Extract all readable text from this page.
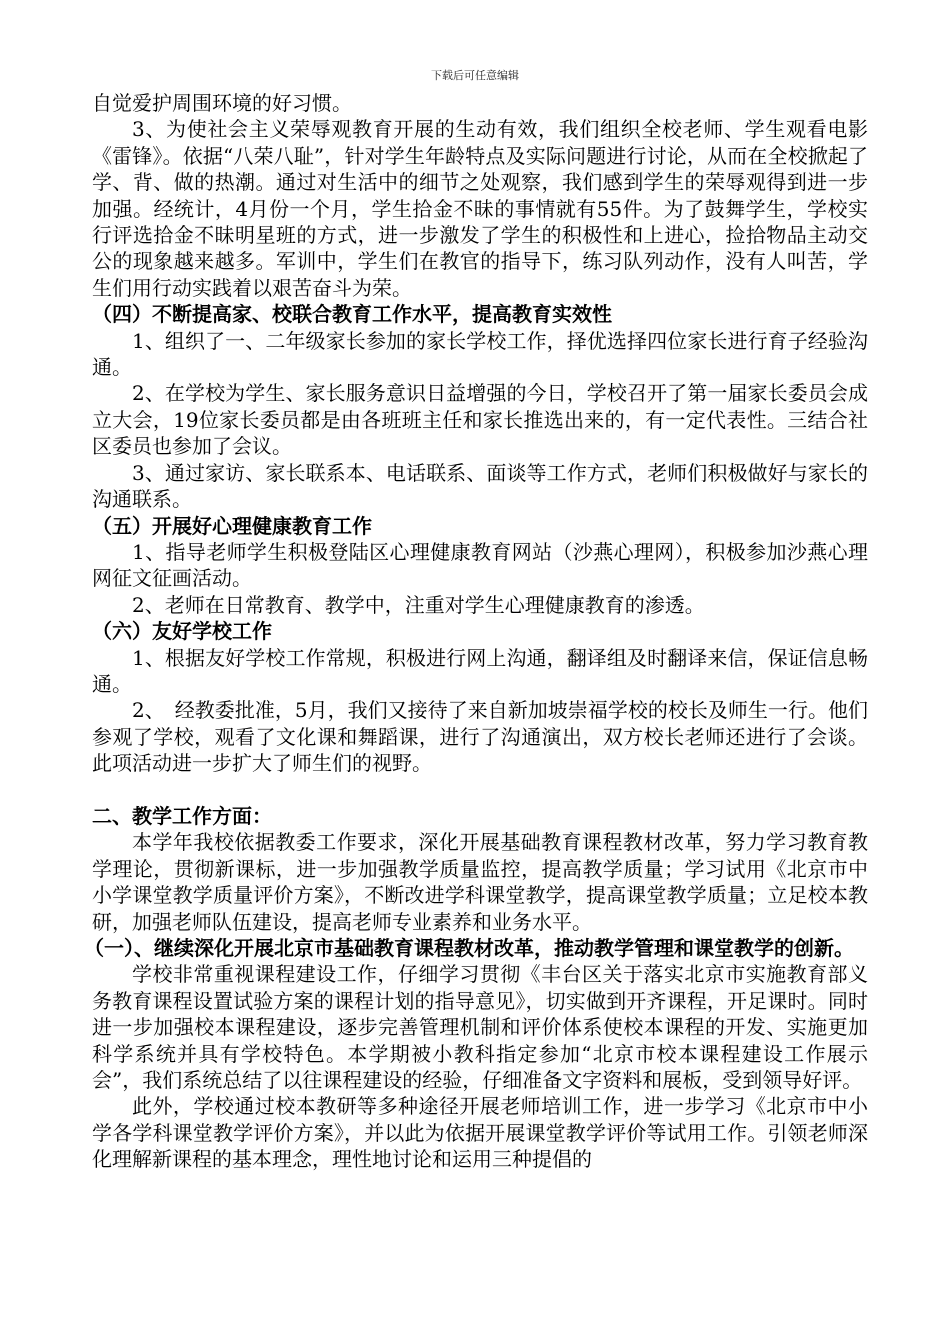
下载后可任意编辑

自觉爱护周围环境的好习惯。

3、为使社会主义荣辱观教育开展的生动有效，我们组织全校老师、学生观看电影《雷锋》。依据“八荣八耻”，针对学生年龄特点及实际问题进行讨论，从而在全校掀起了学、背、做的热潮。通过对生活中的细节之处观察，我们感到学生的荣辱观得到进一步加强。经统计，4月份一个月，学生拾金不昧的事情就有55件。为了鼓舞学生，学校实行评选拾金不昧明星班的方式，进一步激发了学生的积极性和上进心，捡拾物品主动交公的现象越来越多。军训中，学生们在教官的指导下，练习队列动作，没有人叫苦，学生们用行动实践着以艰苦奋斗为荣。

（四）不断提高家、校联合教育工作水平，提高教育实效性

1、组织了一、二年级家长参加的家长学校工作，择优选择四位家长进行育子经验沟通。

2、在学校为学生、家长服务意识日益增强的今日，学校召开了第一届家长委员会成立大会，19位家长委员都是由各班班主任和家长推选出来的，有一定代表性。三结合社区委员也参加了会议。

3、通过家访、家长联系本、电话联系、面谈等工作方式，老师们积极做好与家长的沟通联系。

（五）开展好心理健康教育工作

1、指导老师学生积极登陆区心理健康教育网站（沙燕心理网），积极参加沙燕心理网征文征画活动。

2、老师在日常教育、教学中，注重对学生心理健康教育的渗透。

（六）友好学校工作

1、根据友好学校工作常规，积极进行网上沟通，翻译组及时翻译来信，保证信息畅通。

2、　经教委批准，5月，我们又接待了来自新加坡崇福学校的校长及师生一行。他们参观了学校，观看了文化课和舞蹈课，进行了沟通演出，双方校长老师还进行了会谈。此项活动进一步扩大了师生们的视野。

二、教学工作方面：

本学年我校依据教委工作要求，深化开展基础教育课程教材改革，努力学习教育教学理论，贯彻新课标，进一步加强教学质量监控，提高教学质量；学习试用《北京市中小学课堂教学质量评价方案》，不断改进学科课堂教学，提高课堂教学质量；立足校本教研，加强老师队伍建设，提高老师专业素养和业务水平。

（一）、继续深化开展北京市基础教育课程教材改革，推动教学管理和课堂教学的创新。

学校非常重视课程建设工作，仔细学习贯彻《丰台区关于落实北京市实施教育部义务教育课程设置试验方案的课程计划的指导意见》，切实做到开齐课程，开足课时。同时进一步加强校本课程建设，逐步完善管理机制和评价体系使校本课程的开发、实施更加科学系统并具有学校特色。本学期被小教科指定参加“北京市校本课程建设工作展示会”，我们系统总结了以往课程建设的经验，仔细准备文字资料和展板，受到领导好评。

此外，学校通过校本教研等多种途径开展老师培训工作，进一步学习《北京市中小学各学科课堂教学评价方案》，并以此为依据开展课堂教学评价等试用工作。引领老师深化理解新课程的基本理念，理性地讨论和运用三种提倡的
